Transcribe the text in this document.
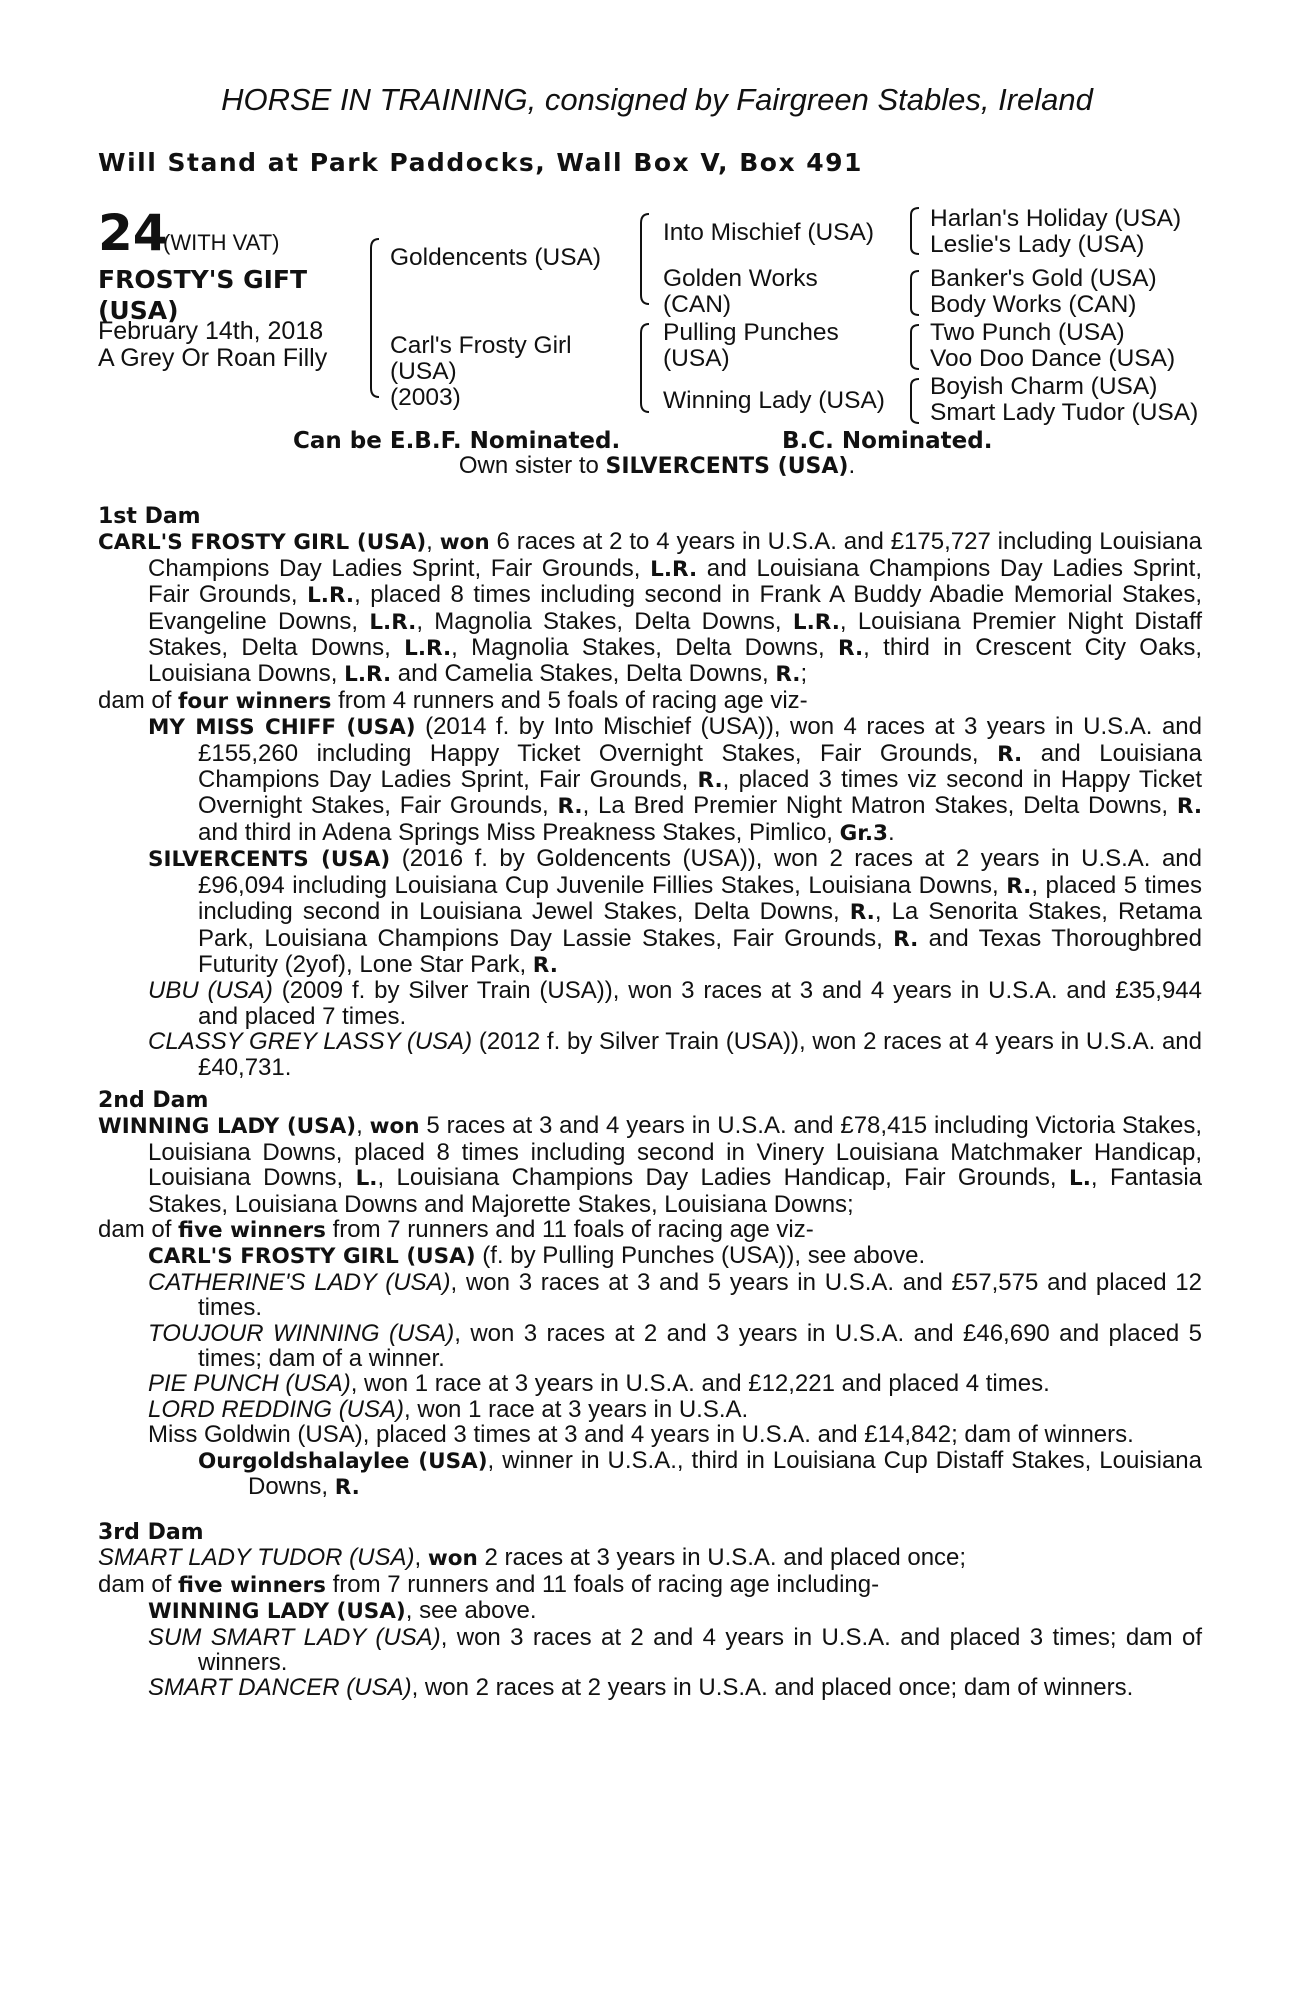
HORSE IN TRAINING, consigned by Fairgreen Stables, Ireland
Will Stand at Park Paddocks, Wall Box V, Box 491
24
(WITH VAT)
FROSTY'S GIFT
(USA)
February 14th, 2018
A Grey Or Roan Filly
Goldencents (USA)
Carl's Frosty Girl
(USA)
(2003)
Into Mischief (USA)
Golden Works
(CAN)
Pulling Punches
(USA)
Winning Lady (USA)
Harlan's Holiday (USA)
Leslie's Lady (USA)
Banker's Gold (USA)
Body Works (CAN)
Two Punch (USA)
Voo Doo Dance (USA)
Boyish Charm (USA)
Smart Lady Tudor (USA)
Can be E.B.F. Nominated.	B.C. Nominated.
Own sister to SILVERCENTS (USA).
1st Dam

CARL'S FROSTY GIRL (USA), won 6 races at 2 to 4 years in U.S.A. and £175,727 including Louisiana Champions Day Ladies Sprint, Fair Grounds, L.R. and Louisiana Champions Day Ladies Sprint, Fair Grounds, L.R., placed 8 times including second in Frank A Buddy Abadie Memorial Stakes, Evangeline Downs, L.R., Magnolia Stakes, Delta Downs, L.R., Louisiana Premier Night Distaff Stakes, Delta Downs, L.R., Magnolia Stakes, Delta Downs, R., third in Crescent City Oaks, Louisiana Downs, L.R. and Camelia Stakes, Delta Downs, R.;

dam of four winners from 4 runners and 5 foals of racing age viz-

MY MISS CHIFF (USA) (2014 f. by Into Mischief (USA)), won 4 races at 3 years in U.S.A. and £155,260 including Happy Ticket Overnight Stakes, Fair Grounds, R. and Louisiana Champions Day Ladies Sprint, Fair Grounds, R., placed 3 times viz second in Happy Ticket Overnight Stakes, Fair Grounds, R., La Bred Premier Night Matron Stakes, Delta Downs, R. and third in Adena Springs Miss Preakness Stakes, Pimlico, Gr.3.

SILVERCENTS (USA) (2016 f. by Goldencents (USA)), won 2 races at 2 years in U.S.A. and £96,094 including Louisiana Cup Juvenile Fillies Stakes, Louisiana Downs, R., placed 5 times including second in Louisiana Jewel Stakes, Delta Downs, R., La Senorita Stakes, Retama Park, Louisiana Champions Day Lassie Stakes, Fair Grounds, R. and Texas Thoroughbred Futurity (2yof), Lone Star Park, R.

UBU (USA) (2009 f. by Silver Train (USA)), won 3 races at 3 and 4 years in U.S.A. and £35,944 and placed 7 times.

CLASSY GREY LASSY (USA) (2012 f. by Silver Train (USA)), won 2 races at 4 years in U.S.A. and £40,731.

2nd Dam

WINNING LADY (USA), won 5 races at 3 and 4 years in U.S.A. and £78,415 including Victoria Stakes, Louisiana Downs, placed 8 times including second in Vinery Louisiana Matchmaker Handicap, Louisiana Downs, L., Louisiana Champions Day Ladies Handicap, Fair Grounds, L., Fantasia Stakes, Louisiana Downs and Majorette Stakes, Louisiana Downs;

dam of five winners from 7 runners and 11 foals of racing age viz-

CARL'S FROSTY GIRL (USA) (f. by Pulling Punches (USA)), see above.

CATHERINE'S LADY (USA), won 3 races at 3 and 5 years in U.S.A. and £57,575 and placed 12 times.

TOUJOUR WINNING (USA), won 3 races at 2 and 3 years in U.S.A. and £46,690 and placed 5 times; dam of a winner.

PIE PUNCH (USA), won 1 race at 3 years in U.S.A. and £12,221 and placed 4 times.

LORD REDDING (USA), won 1 race at 3 years in U.S.A.

Miss Goldwin (USA), placed 3 times at 3 and 4 years in U.S.A. and £14,842; dam of winners.

Ourgoldshalaylee (USA), winner in U.S.A., third in Louisiana Cup Distaff Stakes, Louisiana Downs, R.

3rd Dam

SMART LADY TUDOR (USA), won 2 races at 3 years in U.S.A. and placed once;

dam of five winners from 7 runners and 11 foals of racing age including-

WINNING LADY (USA), see above.

SUM SMART LADY (USA), won 3 races at 2 and 4 years in U.S.A. and placed 3 times; dam of winners.

SMART DANCER (USA), won 2 races at 2 years in U.S.A. and placed once; dam of winners.
